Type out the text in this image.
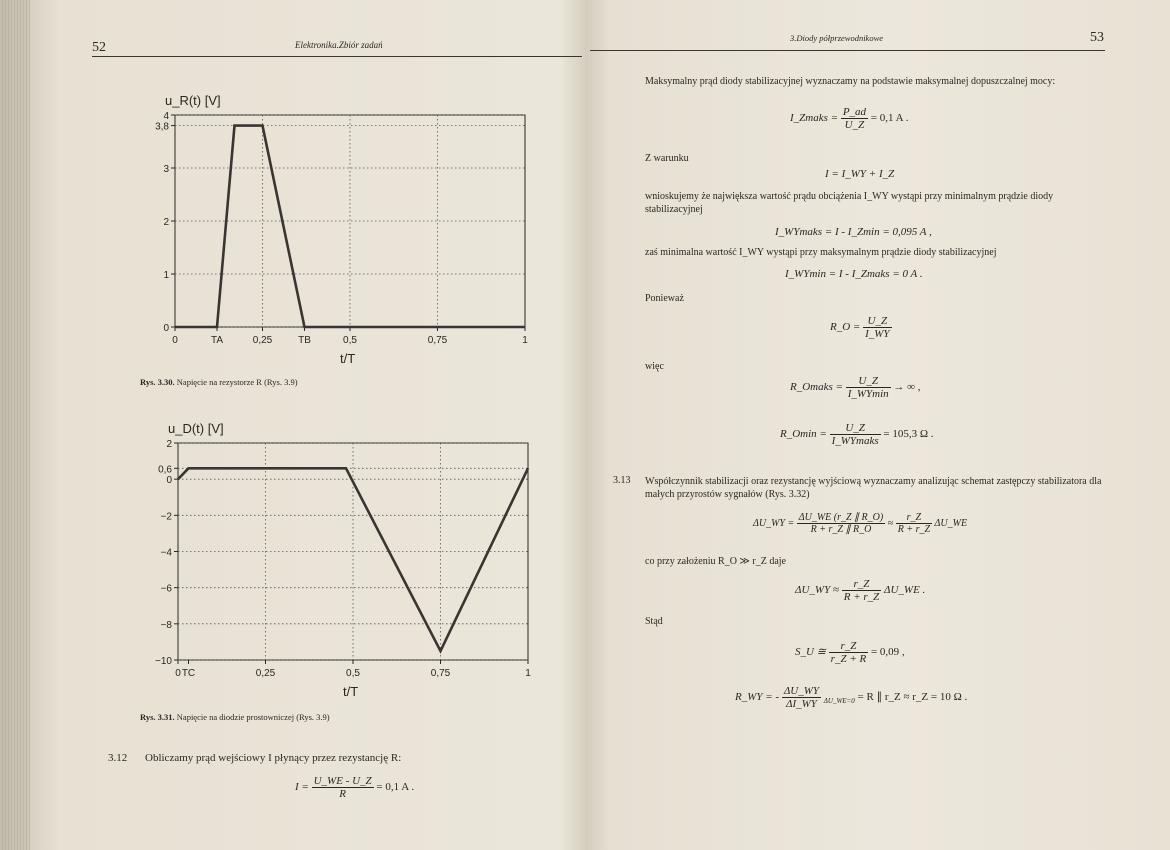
52	Elektronika.Zbiór zadań
u_R(t) [V]
0
1
2
3
3,8
4
0	TA	0,25	TB	0,5	0,75	1
t/T
Rys. 3.30. Napięcie na rezystorze R (Rys. 3.9)
u_D(t) [V]
−10
−8
−6
−4
−2
0
0,6
2
0 TC	0,25	0,5	0,75	1
t/T
Rys. 3.31. Napięcie na diodzie prostowniczej (Rys. 3.9)
3.12 Obliczamy prąd wejściowy I płynący przez rezystancję R:
$I = \frac{U\_WE - U\_Z}{R} = 0,1$ A .
3.Diody półprzewodnikowe	53
Maksymalny prąd diody stabilizacyjnej wyznaczamy na podstawie maksymalnej dopuszczalnej mocy:
I_Zmaks = $\frac{P\_ad}{U\_Z} = 0,1$ A .
Z warunku
I = I_WY + I_Z
wnioskujemy że największa wartość prądu obciążenia I_WY wystąpi przy minimalnym prądzie diody stabilizacyjnej
I_WYmaks = I - I_Zmin = 0,095 A ,
zaś minimalna wartość I_WY wystąpi przy maksymalnym prądzie diody stabilizacyjnej
I_WYmin = I - I_Zmaks = 0 A .
Ponieważ
R_O = $\frac{U\_Z}{I\_WY}$
więc
R_Omaks = $\frac{U\_Z}{I\_WYmin}$ → ∞ ,
R_Omin = $\frac{U\_Z}{\text{I\_WYmaks}} = 105,3$ Ω .
3.13 Współczynnik stabilizacji oraz rezystancję wyjściową wyznaczamy analizując schemat zastępczy stabilizatora dla małych przyrostów sygnałów (Rys. 3.32)
ΔU_WY = $\frac{\Delta U\_WE (r\_Z \parallel R\_O)}{R + r\_Z \parallel R\_O} \approx \frac{r\_Z}{R + r\_Z}$ ΔU_WE
co przy założeniu R_O ≫ r_Z daje
ΔU_WY ≈ $\frac{r\_Z}{R + r\_Z}$ ΔU_WE .
Stąd
S_U ≅ $\frac{r\_Z}{r\_Z + R} = 0,09$ ,
R_WY = - $\frac{\Delta U\_WY}{\Delta I\_WY} _{\Delta U\_WE=0} = R$ ∥ r_Z ≈ r_Z = 10 Ω .
